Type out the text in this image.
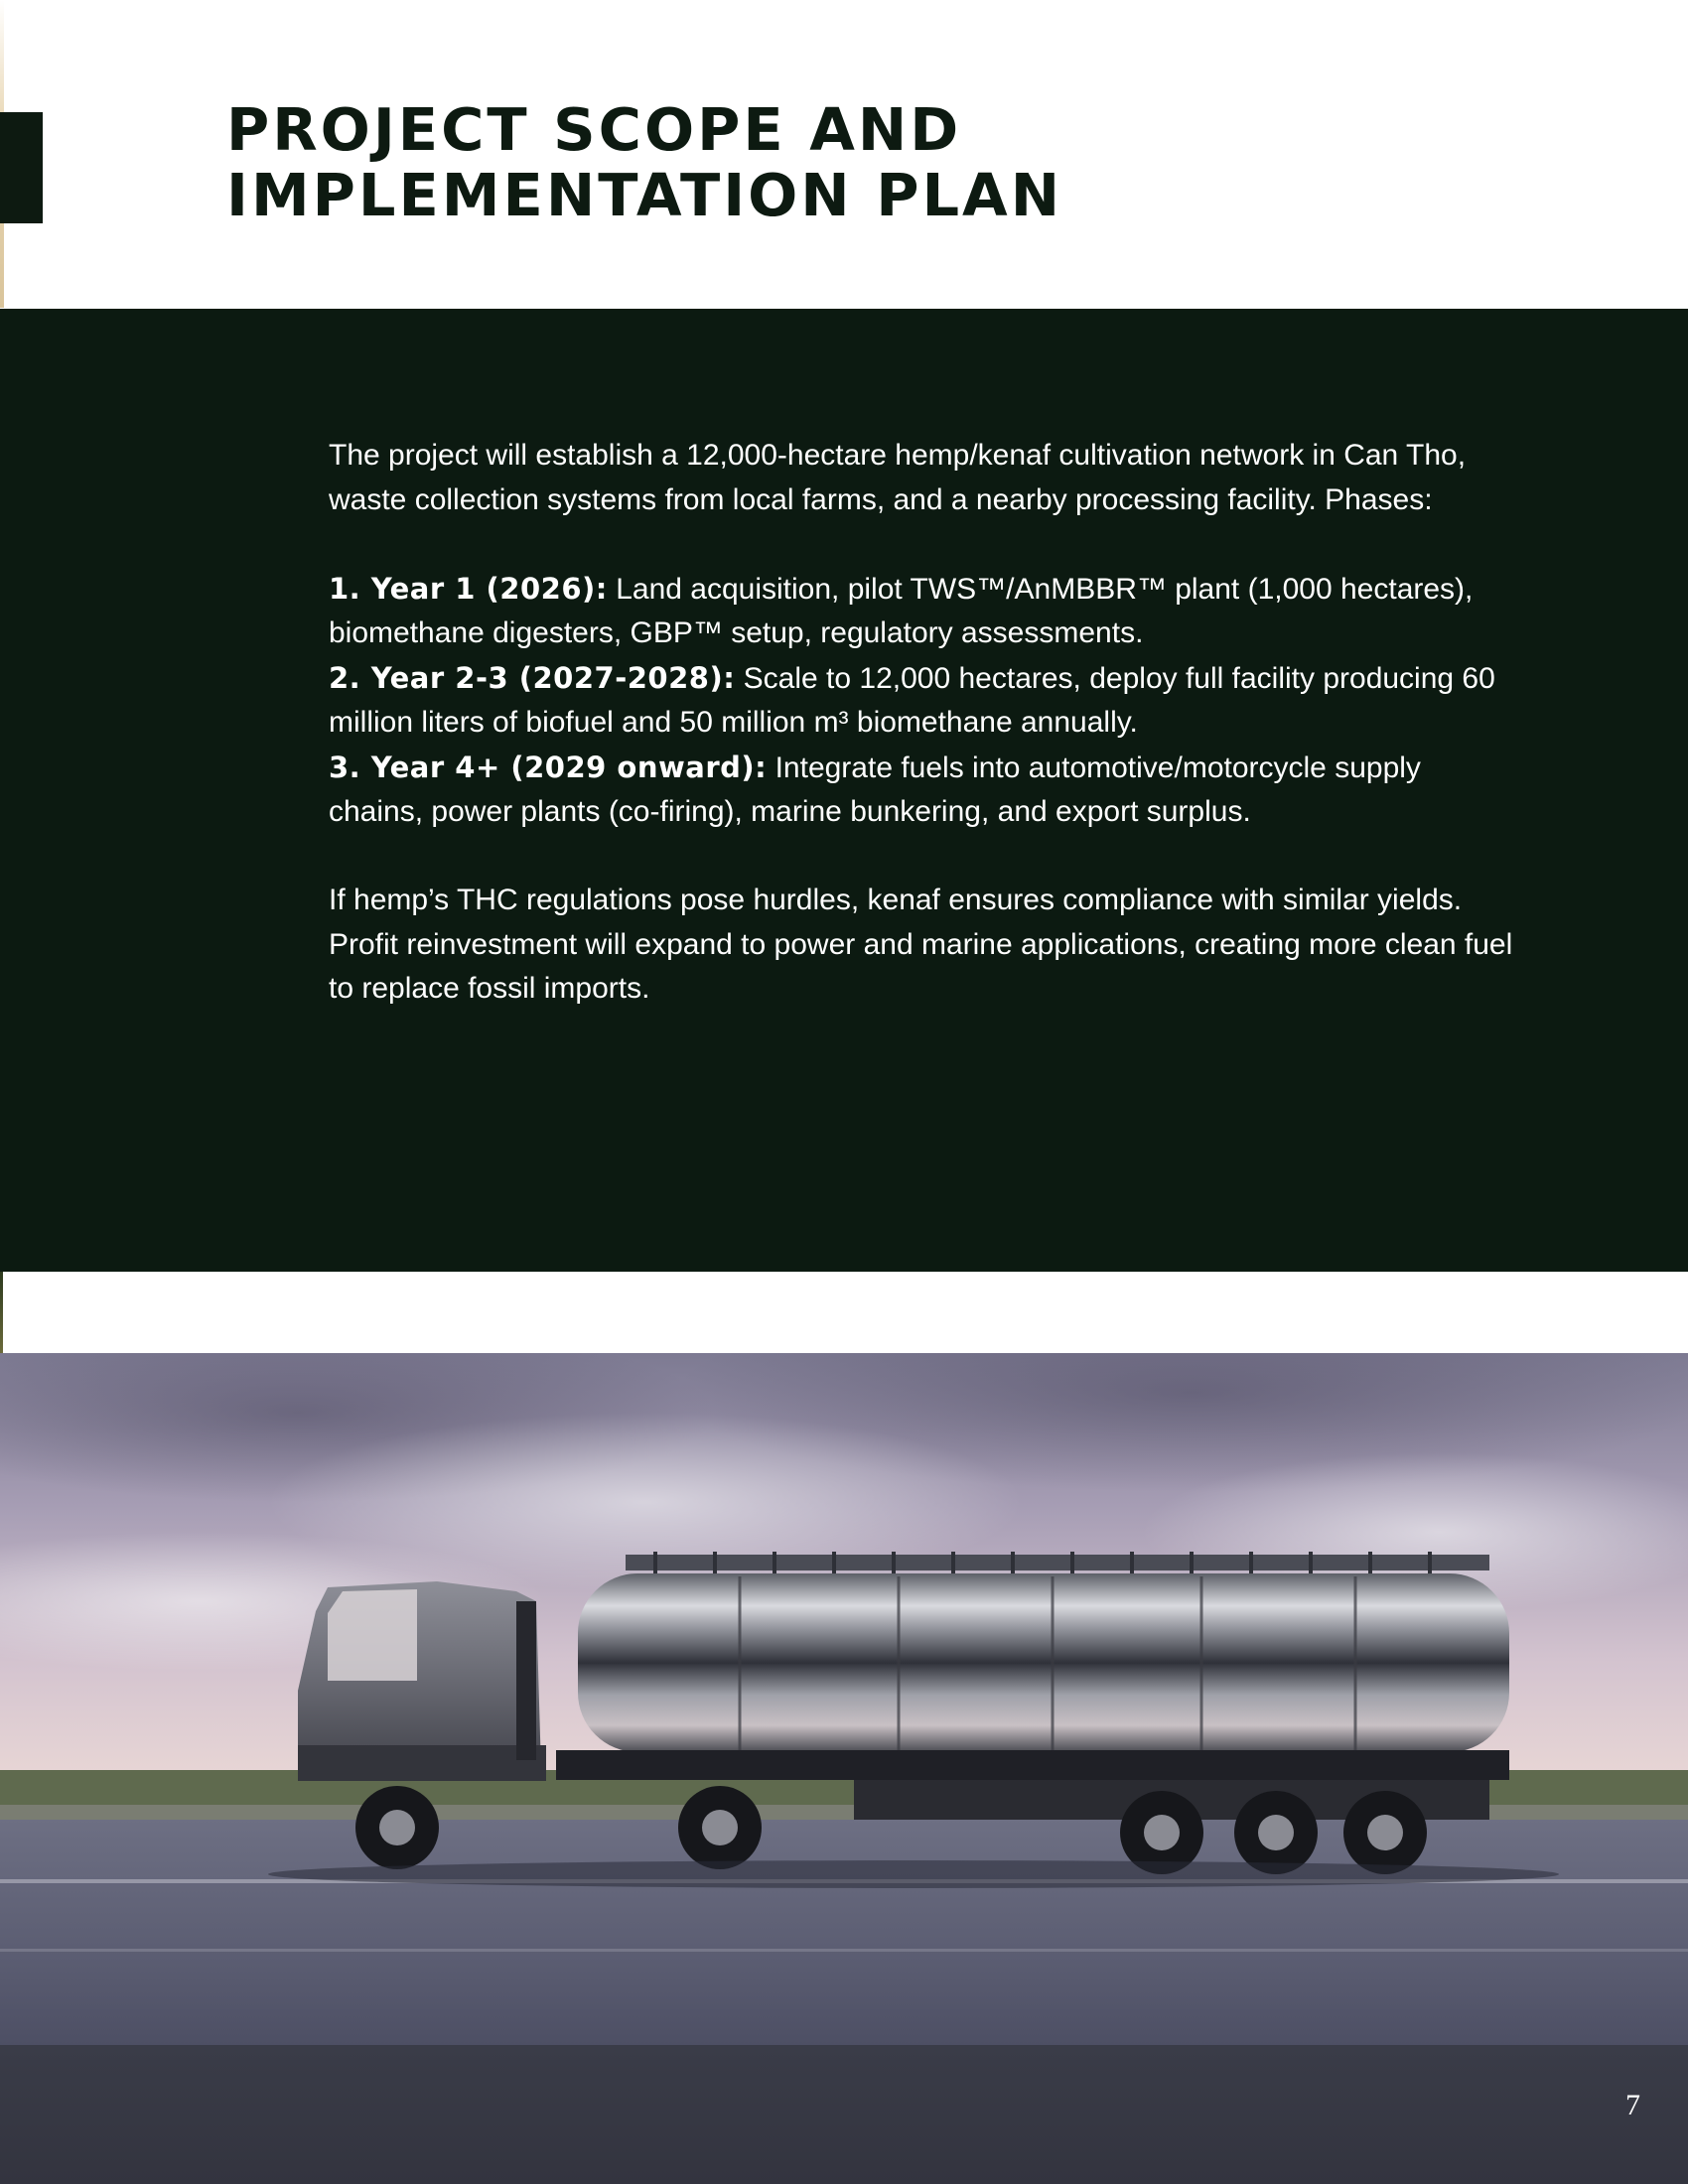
PROJECT SCOPE AND
IMPLEMENTATION PLAN

The project will establish a 12,000-hectare hemp/kenaf cultivation network in Can Tho, waste collection systems from local farms, and a nearby processing facility. Phases:

1. Year 1 (2026): Land acquisition, pilot TWS™/AnMBBR™ plant (1,000 hectares), biomethane digesters, GBP™ setup, regulatory assessments.

2. Year 2-3 (2027-2028): Scale to 12,000 hectares, deploy full facility producing 60 million liters of biofuel and 50 million m³ biomethane annually.

3. Year 4+ (2029 onward): Integrate fuels into automotive/motorcycle supply chains, power plants (co-firing), marine bunkering, and export surplus.

If hemp’s THC regulations pose hurdles, kenaf ensures compliance with similar yields. Profit reinvestment will expand to power and marine applications, creating more clean fuel to replace fossil imports.

7
